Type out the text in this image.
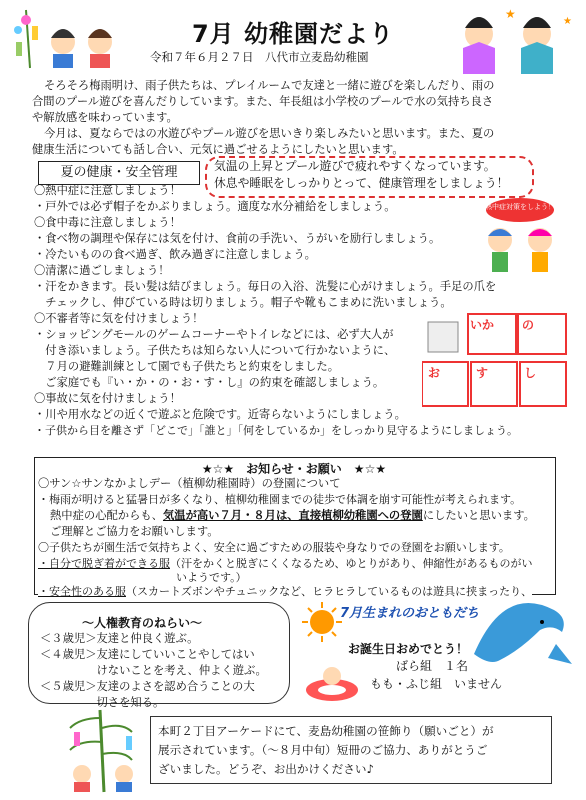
★
★
7月 幼稚園だより
令和７年６月２７日　八代市立麦島幼稚園
そろそろ梅雨明け、雨子供たちは、プレイルームで友達と一緒に遊びを楽しんだり、雨の
合間のプール遊びを喜んだりしています。また、年長組は小学校のプールで水の気持ち良さ
や解放感を味わっています。
今月は、夏ならではの水遊びやプール遊びを思いきり楽しみたいと思います。また、夏の
健康生活についても話し合い、元気に過ごせるようにしたいと思います。
夏の健康・安全管理	気温の上昇とプール遊びで疲れやすくなっています。
休息や睡眠をしっかりとって、健康管理をしましょう！
熱中症対策をしよう！
〇熱中症に注意しましょう！
・戸外では必ず帽子をかぶりましょう。適度な水分補給をしましょう。
〇食中毒に注意しましょう！
・食べ物の調理や保存には気を付け、食前の手洗い、うがいを励行しましょう。
・冷たいものの食べ過ぎ、飲み過ぎに注意しましょう。
〇清潔に過ごしましょう！
・汗をかきます。長い髪は結びましょう。毎日の入浴、洗髪に心がけましょう。手足の爪を
　チェックし、伸びている時は切りましょう。帽子や靴もこまめに洗いましょう。
〇不審者等に気を付けましょう！
・ショッピングモールのゲームコーナーやトイレなどには、必ず大人が
　付き添いましょう。子供たちは知らない人について行かないように、
　７月の避難訓練として園でも子供たちと約束をしました。
　ご家庭でも『い・か・の・お・す・し』の約束を確認しましょう。
〇事故に気を付けましょう！
・川や用水などの近くで遊ぶと危険です。近寄らないようにしましょう。
・子供から目を離さず「どこで」「誰と」「何をしているか」をしっかり見守るようにしましょう。
いか の
お	す	し
★☆★　お知らせ・お願い　★☆★
〇サン☆サンなかよしデー（植柳幼稚園時）の登園について
・梅雨が明けると猛暑日が多くなり、植柳幼稚園までの徒歩で体調を崩す可能性が考えられます。
熱中症の心配からも、気温が高い７月・８月は、直接植柳幼稚園への登園にしたいと思います。
ご理解とご協力をお願いします。
〇子供たちが園生活で気持ちよく、安全に過ごすための服装や身なりでの登園をお願いします。
・自分で脱ぎ着ができる服（汗をかくと脱ぎにくくなるため、ゆとりがあり、伸縮性があるものがい
いようです。）
・安全性のある服（スカートズボンやチュニックなど、ヒラヒラしているものは遊具に挟まったり、
～人権教育のねらい～
＜３歳児＞友達と仲良く遊ぶ。
＜４歳児＞友達にしていいことやしてはい
　　　　　けないことを考え、仲よく遊ぶ。
＜５歳児＞友達のよさを認め合うことの大
　　　　　切さを知る。
7月生まれのおともだち
お誕生日おめでとう！
ばら組　１名
もも・ふじ組　いません
本町２丁目アーケードにて、麦島幼稚園の笹飾り（願いごと）が
展示されています。（～８月中旬）短冊のご協力、ありがとうご
ざいました。どうぞ、お出かけください♪
